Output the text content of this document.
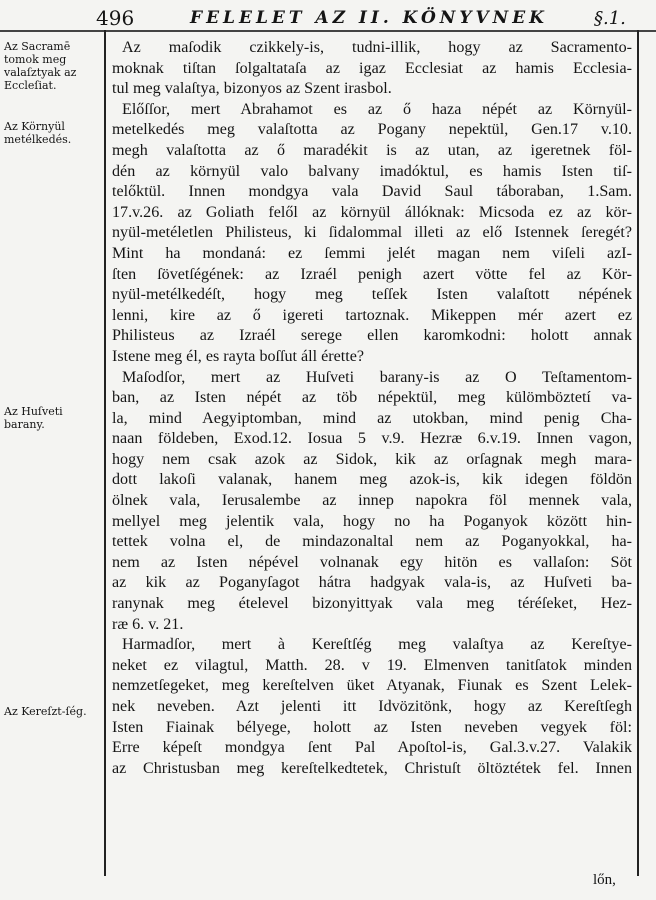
496	FELELET AZ II. KÖNYVNEK	§.1.
Az Sacramē tomok meg valaſztyak az Eccleſiat.
Az Környül metélkedés.
Az Huſveti barany.
Az Kereſzt-ſég.
Az maſodik czikkely-is, tudni-illik, hogy az Sacramento-
moknak tiſtan ſolgaltataſa az igaz Ecclesiat az hamis Ecclesia-
tul meg valaſtya, bizonyos az Szent irasbol.
Előſſor, mert Abrahamot es az ő haza népét az Környül-
metelkedés meg valaſtotta az Pogany nepektül, Gen.17 v.10.
megh valaſtotta az ő maradékit is az utan, az igeretnek föl-
dén az környül valo balvany imadóktul, es hamis Isten tiſ-
telőktül. Innen mondgya vala David Saul táboraban, 1.Sam.
17.v.26. az Goliath felől az környül állóknak: Micsoda ez az kör-
nyül-metéletlen Philisteus, ki ſidalommal illeti az elő Istennek ſeregét?
Mint ha mondaná: ez ſemmi jelét magan nem viſeli azI-
ſten ſövetſégének: az Izraél penigh azert vötte fel az Kör-
nyül-metélkedéſt, hogy meg teſſek Isten valaſtott népének
lenni, kire az ő igereti tartoznak. Mikeppen mér azert ez
Philisteus az Izraél serege ellen karomkodni: holott annak
Istene meg él, es rayta boſſut áll érette?
Maſodſor, mert az Huſveti barany-is az O Teſtamentom-
ban, az Isten népét az töb népektül, meg külömböztetí va-
la, mind Aegyiptomban, mind az utokban, mind penig Cha-
naan földeben, Exod.12. Iosua 5 v.9. Hezræ 6.v.19. Innen vagon,
hogy nem csak azok az Sidok, kik az orſagnak megh mara-
dott lakoſi valanak, hanem meg azok-is, kik idegen földön
ölnek vala, Ierusalembe az innep napokra föl mennek vala,
mellyel meg jelentik vala, hogy no ha Poganyok között hin-
tettek volna el, de mindazonaltal nem az Poganyokkal, ha-
nem az Isten népével volnanak egy hitön es vallaſon: Söt
az kik az Poganyſagot hátra hadgyak vala-is, az Huſveti ba-
ranynak meg ételevel bizonyittyak vala meg téréſeket, Hez-
ræ 6. v. 21.
Harmadſor, mert à Kereſtſég meg valaſtya az Kereſtye-
neket ez vilagtul, Matth. 28. v 19. Elmenven tanitſatok minden
nemzetſegeket, meg kereſtelven üket Atyanak, Fiunak es Szent Lelek-
nek neveben. Azt jelenti itt Idvözitönk, hogy az Kereſtſegh
Isten Fiainak bélyege, holott az Isten neveben vegyek föl:
Erre képeſt mondgya ſent Pal Apoſtol-is, Gal.3.v.27. Valakik
az Christusban meg kereſtelkedtetek, Christuſt öltöztétek fel. Innen
lőn,
